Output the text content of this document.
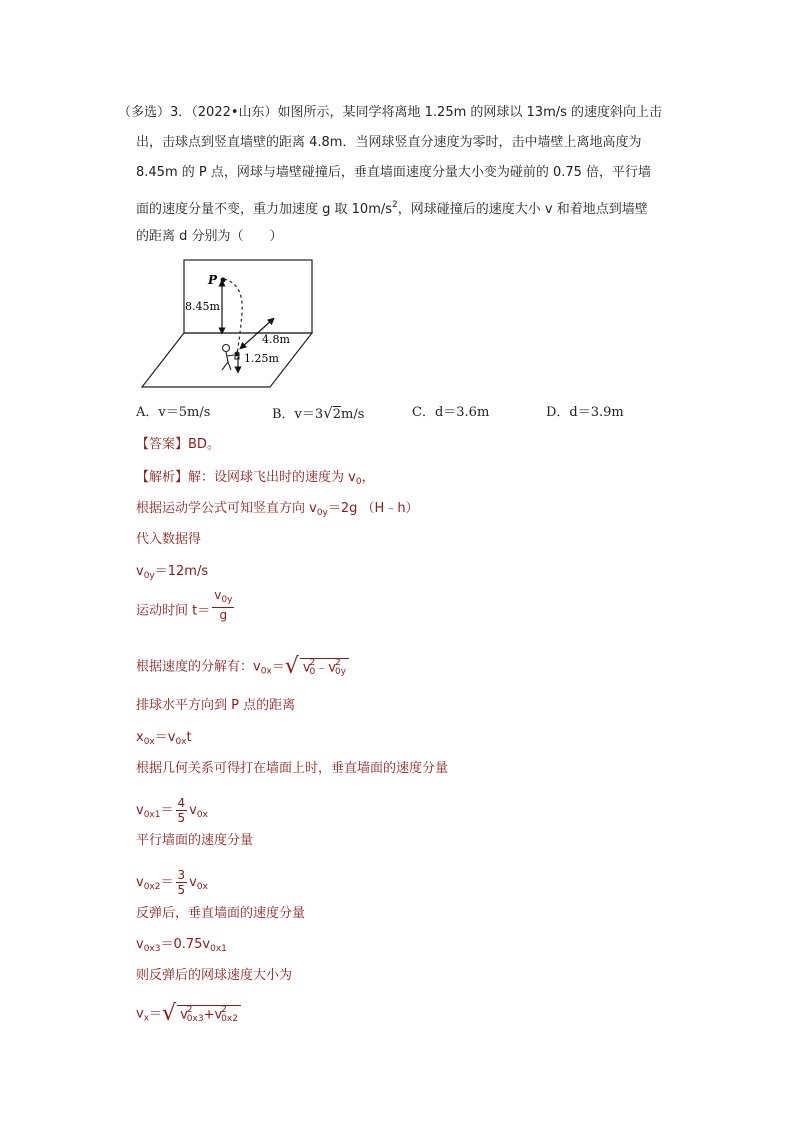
（多选）3．（2022•山东）如图所示，某同学将离地 1.25m 的网球以 13m/s 的速度斜向上击
出，击球点到竖直墙壁的距离 4.8m．当网球竖直分速度为零时，击中墙壁上离地高度为
8.45m 的 P 点，网球与墙壁碰撞后，垂直墙面速度分量大小变为碰前的 0.75 倍，平行墙
面的速度分量不变，重力加速度 g 取 $10m/s^2$，网球碰撞后的速度大小 v 和着地点到墙壁
的距离 d 分别为（　　）
P
8.45m
4.8m
1.25m
A．v＝5m/s	B．v＝3√2m/s	C．d＝3.6m	D．d＝3.9m
【答案】BD。
【解析】解：设网球飞出时的速度为 $v_0$，
根据运动学公式可知竖直方向 $v_{0y}=2g$ （H﹣h）
代入数据得
$v_{0y}=12m/s$
运动时间 $t= \frac{v_{0y}}{g}$
根据速度的分解有：$v_{0x}=√$ v 2
0 ﹣v 2
0y
排球水平方向到 P 点的距离
$x_{0x}=v_{0x}t$
根据几何关系可得打在墙面上时，垂直墙面的速度分量
$v_{0x1}= \frac{4}{5} v_{0x}$
平行墙面的速度分量
$v_{0x2}= \frac{3}{5} v_{0x}$
反弹后，垂直墙面的速度分量
$v_{0x3}=0.75v_{0x1}$
则反弹后的网球速度大小为
$v_x=√$ v 2
0x3 +v 2
0x2
